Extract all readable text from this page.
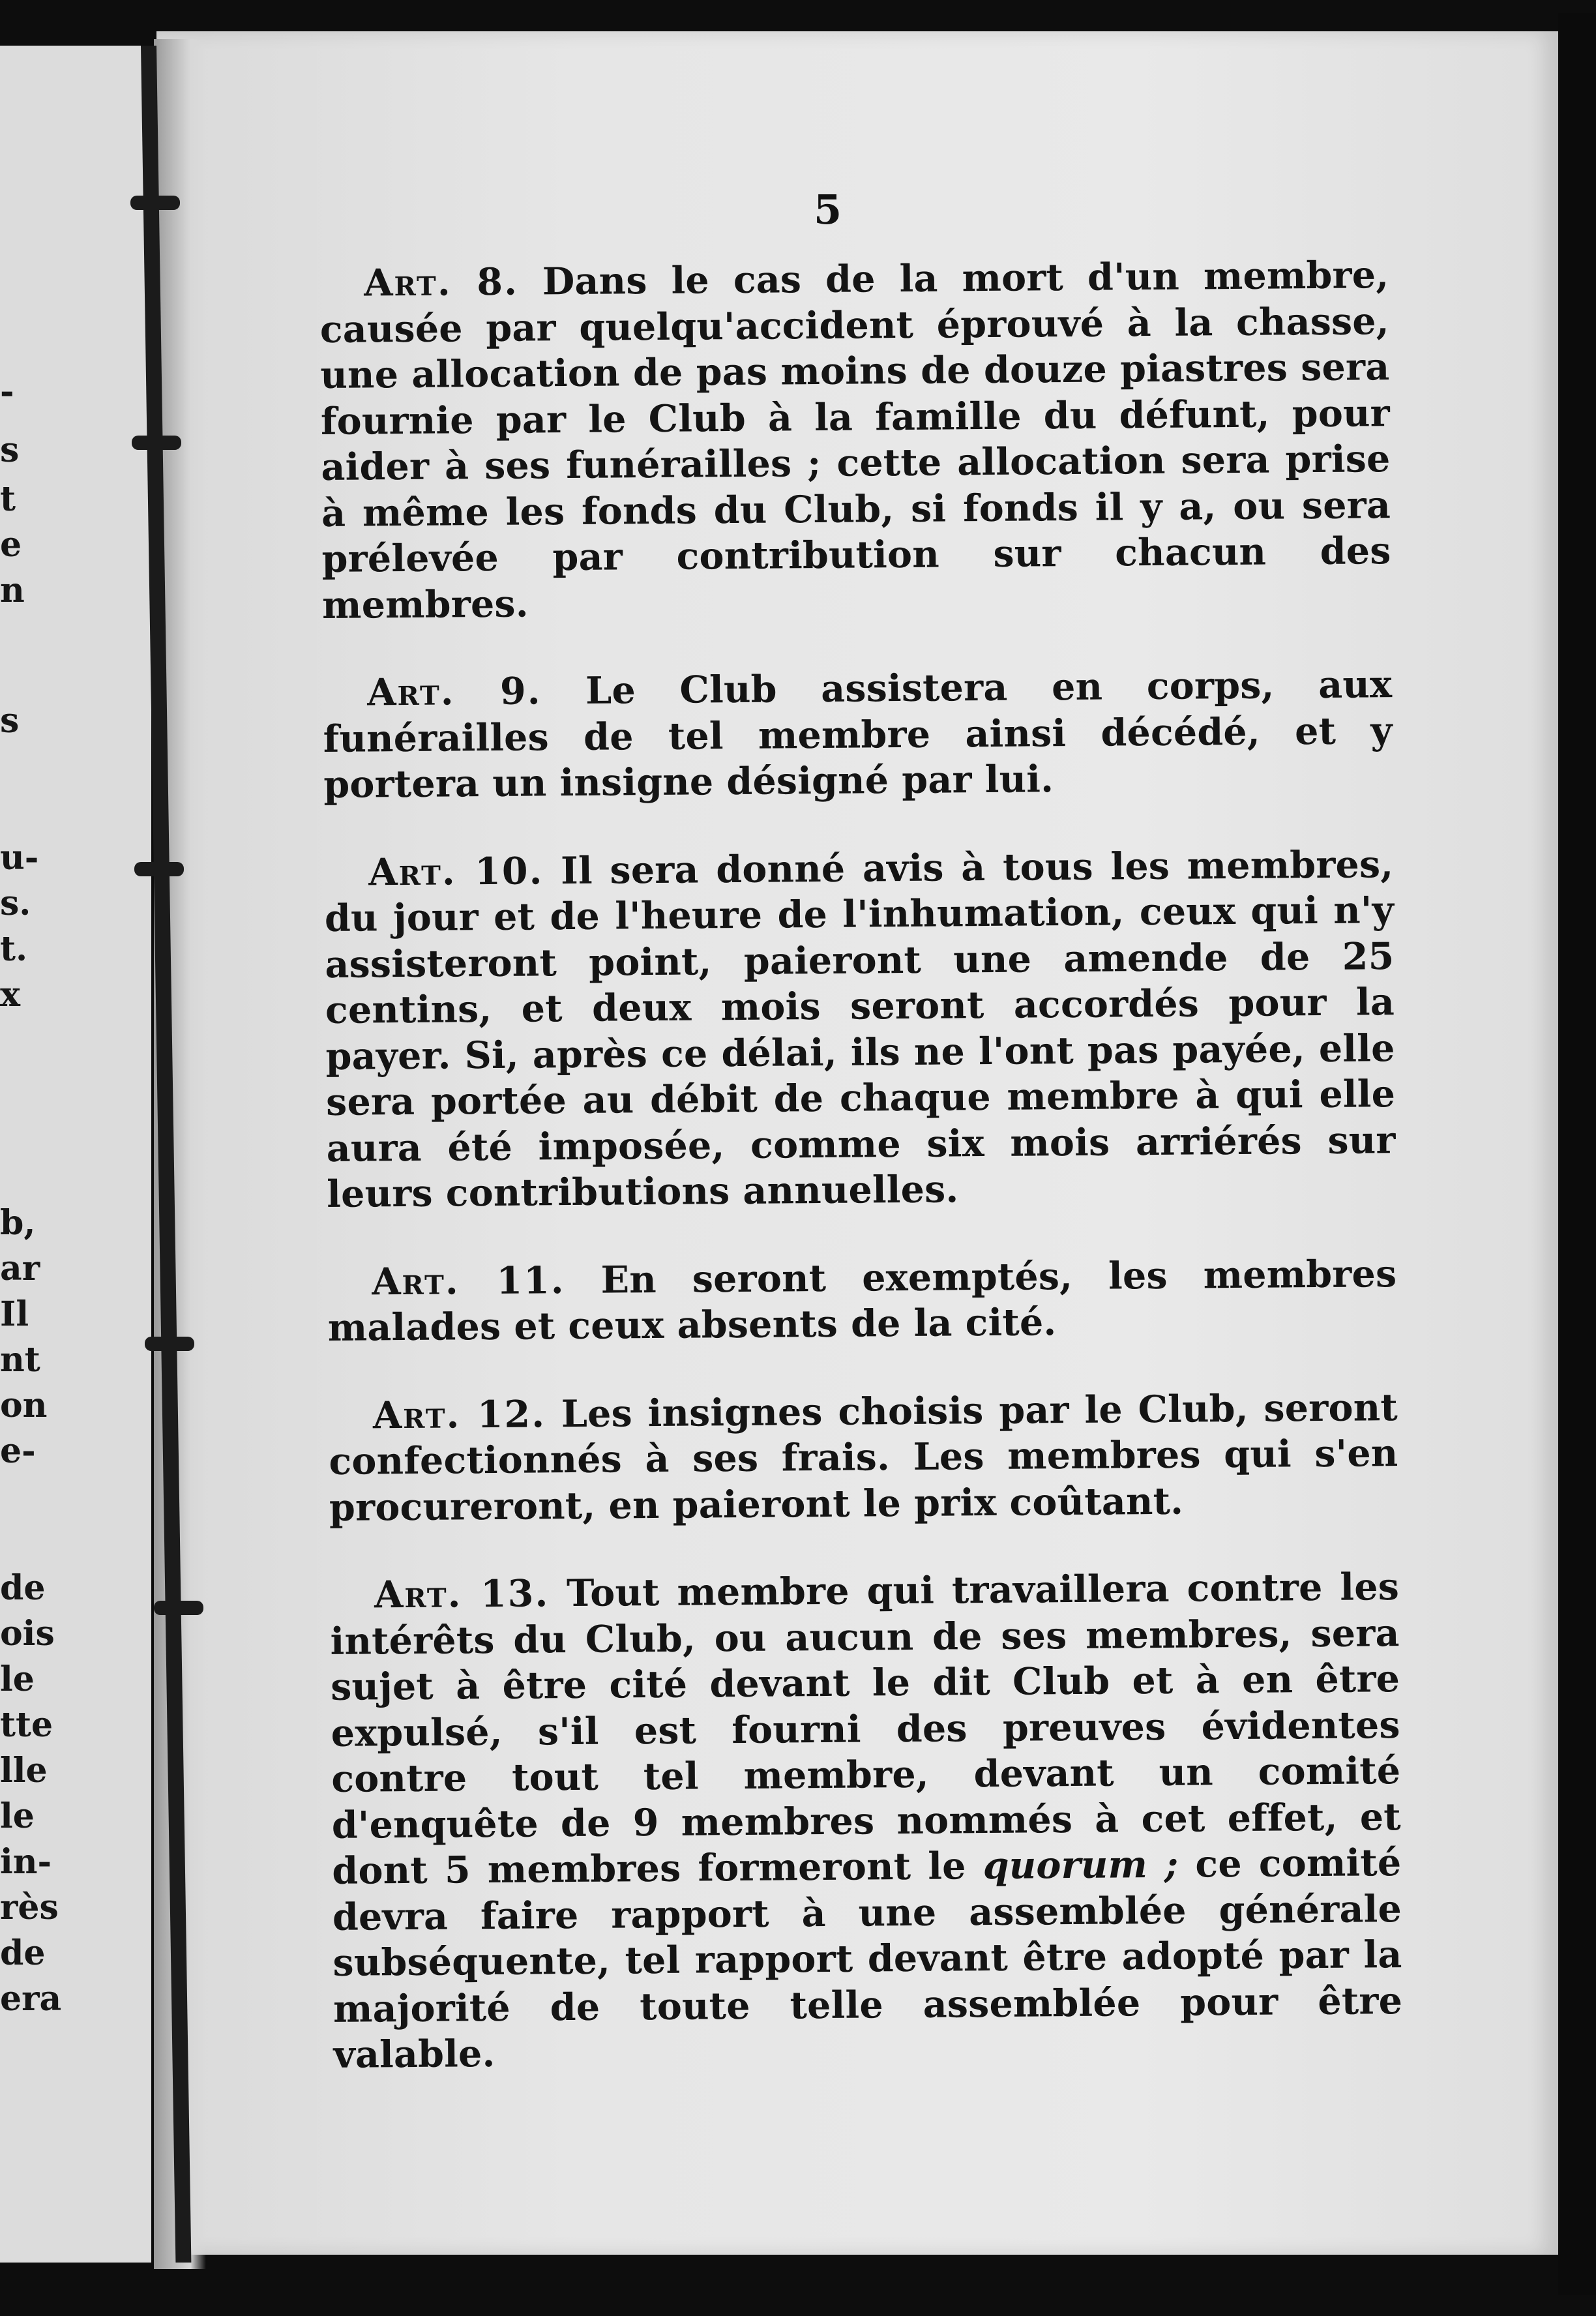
-
s
t
e
n
s
u-
s.
t.
x
b,
ar
Il
nt
on
e-
de
ois
le
tte
lle
le
in-
rès
de
era
5

Art. 8. Dans le cas de la mort d'un membre, causée par quelqu'accident éprouvé à la chasse, une allocation de pas moins de douze piastres sera fournie par le Club à la famille du défunt, pour aider à ses funérailles ; cette allocation sera prise à même les fonds du Club, si fonds il y a, ou sera prélevée par contribution sur chacun des membres.

Art. 9. Le Club assistera en corps, aux funérailles de tel membre ainsi décédé, et y portera un insigne désigné par lui.

Art. 10. Il sera donné avis à tous les membres, du jour et de l'heure de l'inhumation, ceux qui n'y assisteront point, paieront une amende de 25 centins, et deux mois seront accordés pour la payer. Si, après ce délai, ils ne l'ont pas payée, elle sera portée au débit de chaque membre à qui elle aura été imposée, comme six mois arriérés sur leurs contributions annuelles.

Art. 11. En seront exemptés, les membres malades et ceux absents de la cité.

Art. 12. Les insignes choisis par le Club, seront confectionnés à ses frais. Les membres qui s'en procureront, en paieront le prix coûtant.

Art. 13. Tout membre qui travaillera contre les intérêts du Club, ou aucun de ses membres, sera sujet à être cité devant le dit Club et à en être expulsé, s'il est fourni des preuves évidentes contre tout tel membre, devant un comité d'enquête de 9 membres nommés à cet effet, et dont 5 membres formeront le quorum ; ce comité devra faire rapport à une assemblée générale subséquente, tel rapport devant être adopté par la majorité de toute telle assemblée pour être valable.
